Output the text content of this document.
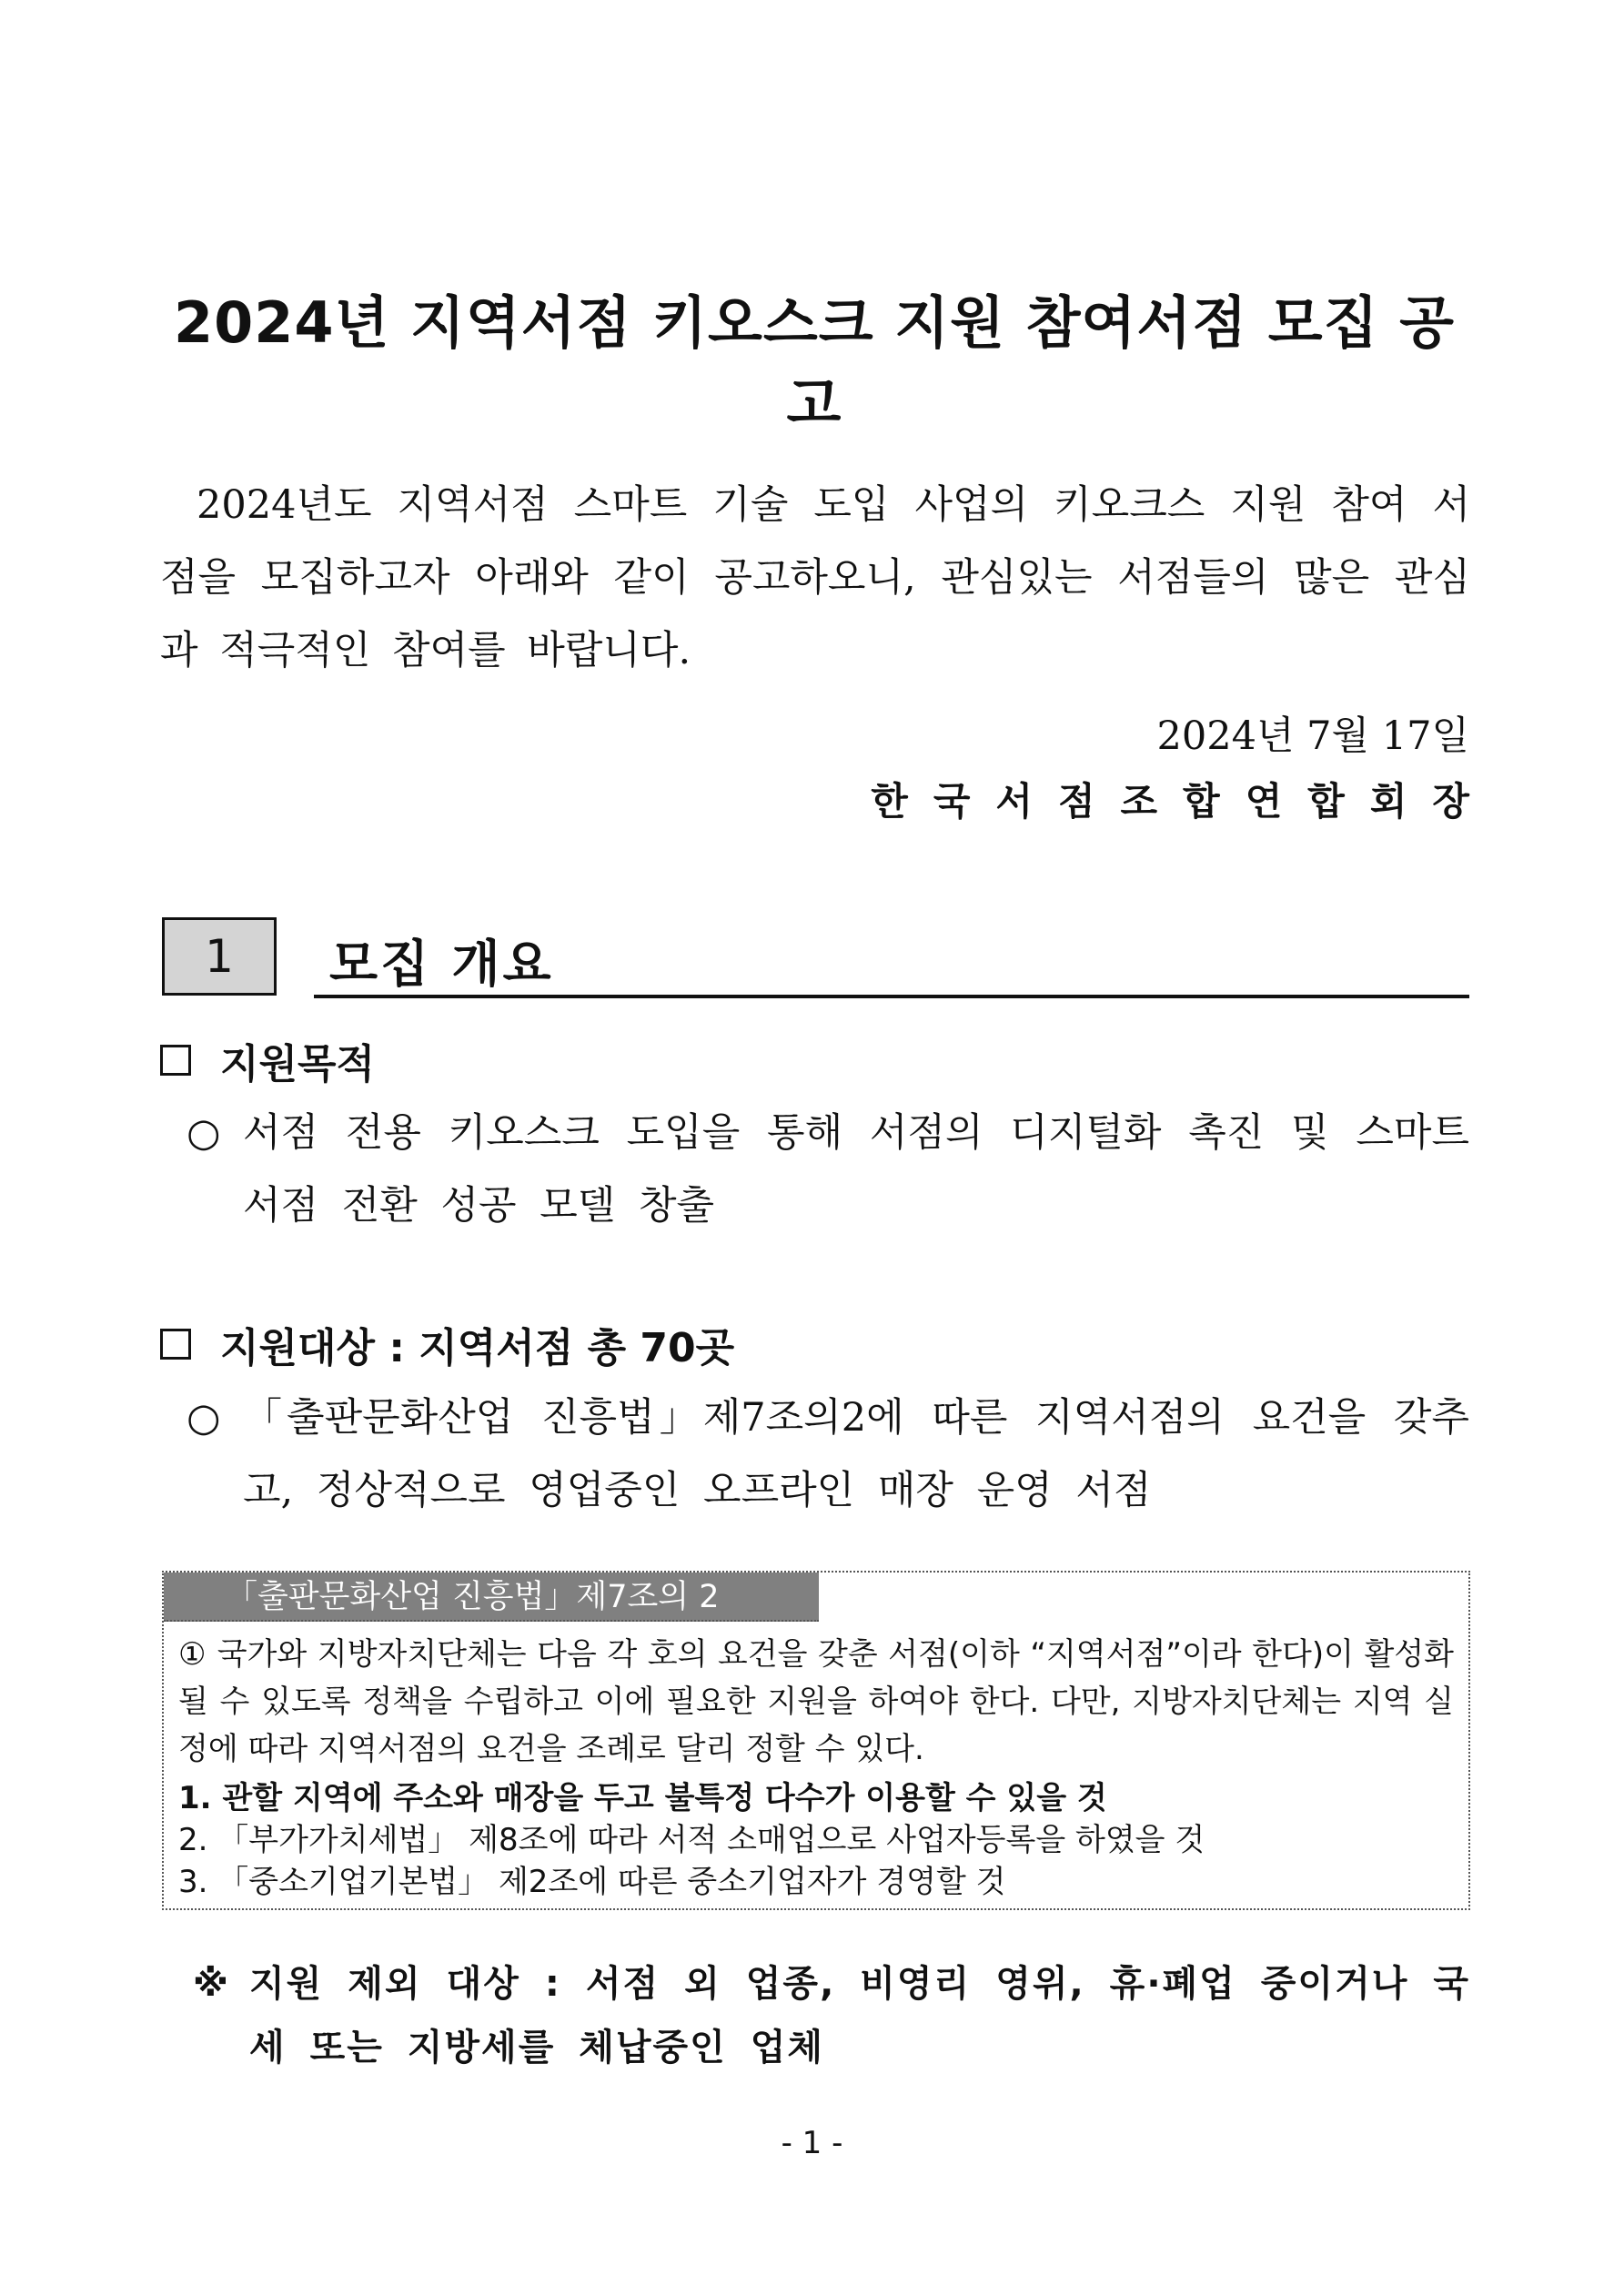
2024년 지역서점 키오스크 지원 참여서점 모집 공고
2024년도 지역서점 스마트 기술 도입 사업의 키오크스 지원 참여 서점을 모집하고자 아래와 같이 공고하오니, 관심있는 서점들의 많은 관심과 적극적인 참여를 바랍니다.
2024년 7월 17일
한국서점조합연합회장
1	모집 개요
지원목적
○ 서점 전용 키오스크 도입을 통해 서점의 디지털화 촉진 및 스마트 서점 전환 성공 모델 창출
지원대상 : 지역서점 총 70곳
○ 「출판문화산업 진흥법」제7조의2에 따른 지역서점의 요건을 갖추고, 정상적으로 영업중인 오프라인 매장 운영 서점
「출판문화산업 진흥법」제7조의 2
① 국가와 지방자치단체는 다음 각 호의 요건을 갖춘 서점(이하 “지역서점”이라 한다)이 활성화될 수 있도록 정책을 수립하고 이에 필요한 지원을 하여야 한다. 다만, 지방자치단체는 지역 실정에 따라 지역서점의 요건을 조례로 달리 정할 수 있다.
1. 관할 지역에 주소와 매장을 두고 불특정 다수가 이용할 수 있을 것
2. 「부가가치세법」 제8조에 따라 서적 소매업으로 사업자등록을 하였을 것
3. 「중소기업기본법」 제2조에 따른 중소기업자가 경영할 것
※ 지원 제외 대상 : 서점 외 업종, 비영리 영위, 휴·폐업 중이거나 국세 또는 지방세를 체납중인 업체
- 1 -
